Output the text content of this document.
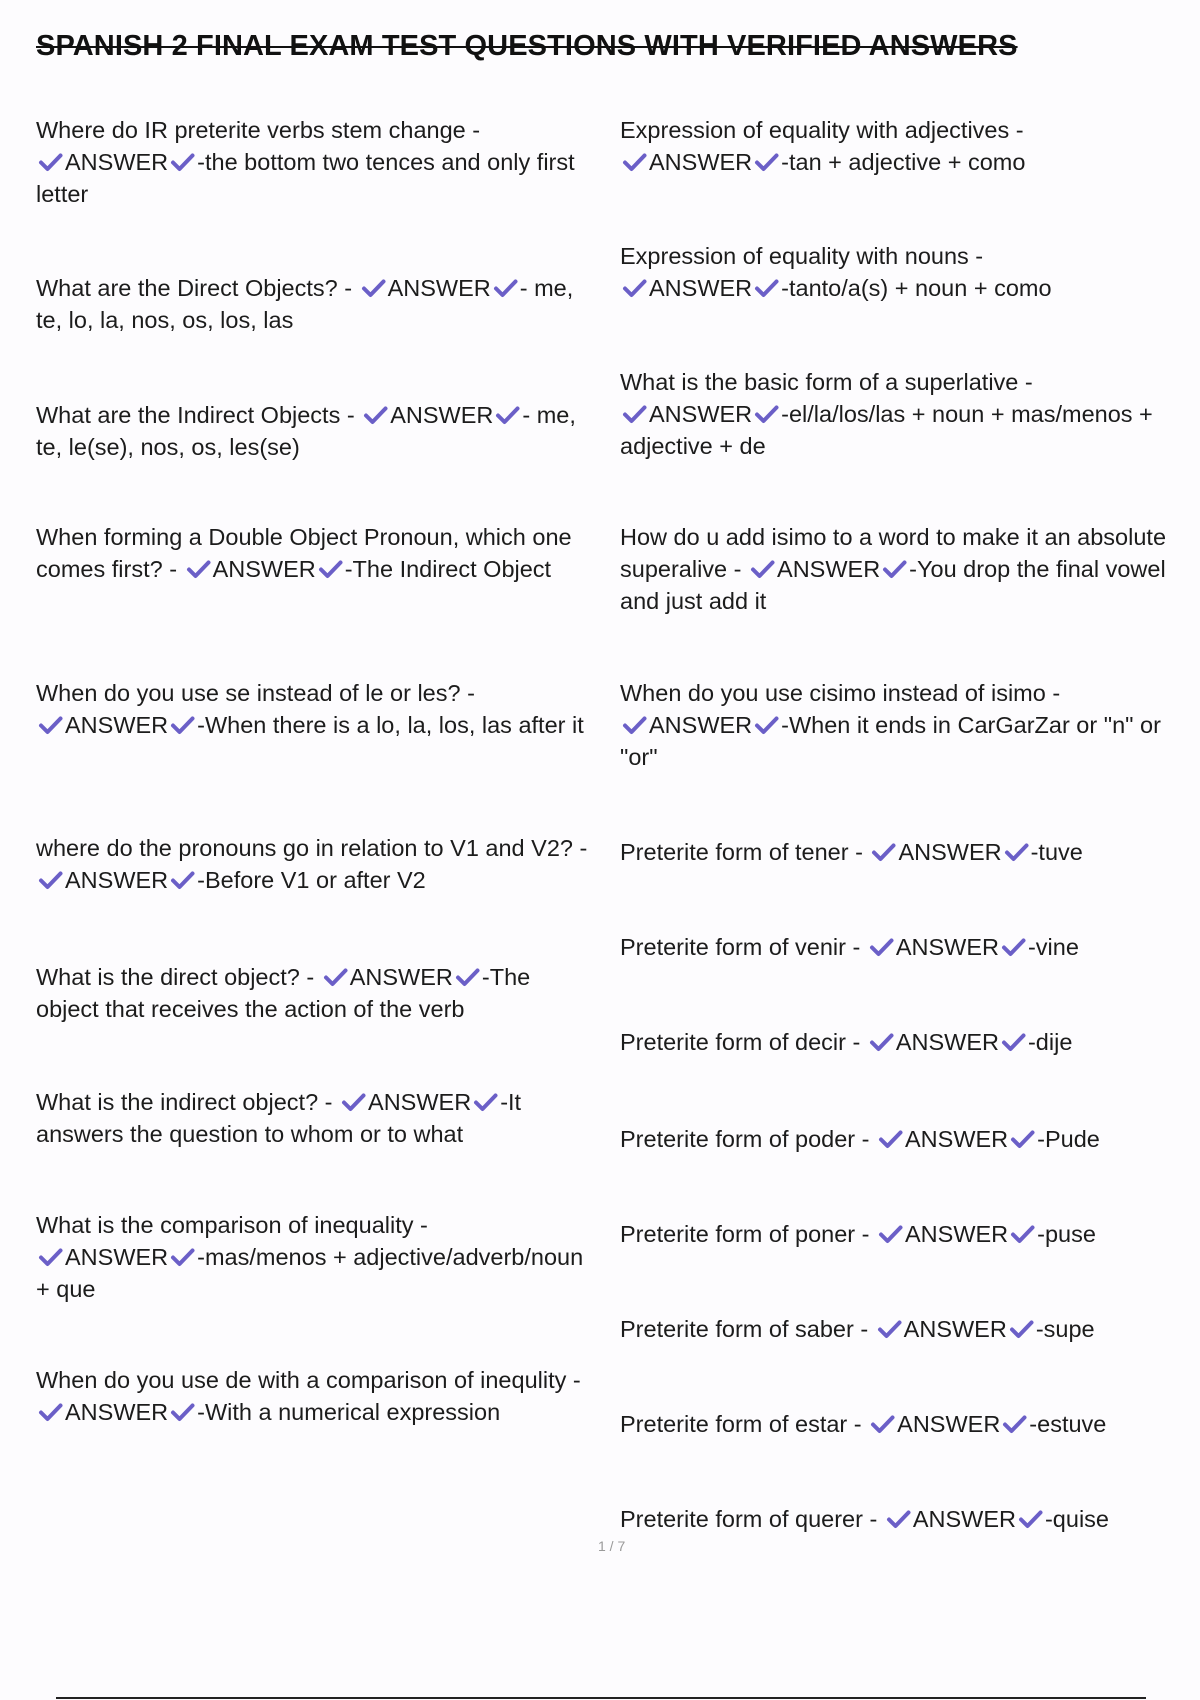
SPANISH 2 FINAL EXAM TEST QUESTIONS WITH VERIFIED ANSWERS

Where do IR preterite verbs stem change -

ANSWER -the bottom two tences and only first letter

What are the Direct Objects? - ANSWER - me, te, lo, la, nos, os, los, las

What are the Indirect Objects - ANSWER - me, te, le(se), nos, os, les(se)

When forming a Double Object Pronoun, which one comes first? - ANSWER -The Indirect Object

When do you use se instead of le or les? -

ANSWER -When there is a lo, la, los, las after it

where do the pronouns go in relation to V1 and V2? -
ANSWER -Before V1 or after V2

What is the direct object? - ANSWER -The object that receives the action of the verb

What is the indirect object? - ANSWER -It answers the question to whom or to what

What is the comparison of inequality -

ANSWER -mas/menos + adjective/adverb/noun + que

When do you use de with a comparison of inequlity -
ANSWER -With a numerical expression

Expression of equality with adjectives -

ANSWER -tan + adjective + como

Expression of equality with nouns -

ANSWER -tanto/a(s) + noun + como

What is the basic form of a superlative -

ANSWER -el/la/los/las + noun + mas/menos + adjective + de

How do u add isimo to a word to make it an absolute superalive - ANSWER -You drop the final vowel and just add it

When do you use cisimo instead of isimo -

ANSWER -When it ends in CarGarZar or "n" or "or"

Preterite form of tener - ANSWER -tuve

Preterite form of venir - ANSWER -vine

Preterite form of decir - ANSWER -dije

Preterite form of poder - ANSWER -Pude

Preterite form of poner - ANSWER -puse

Preterite form of saber - ANSWER -supe

Preterite form of estar - ANSWER -estuve

Preterite form of querer - ANSWER -quise

1 / 7
